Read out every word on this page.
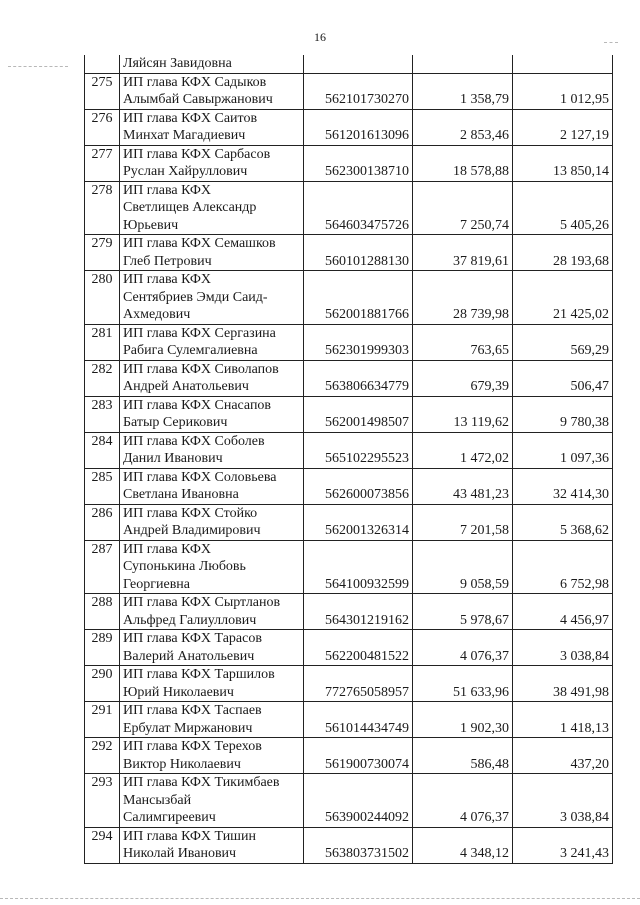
16
	Ляйсян Завидовна			
275	ИП глава КФХ Садыков
Алымбай Савыржанович	562101730270	1 358,79	1 012,95
276	ИП глава КФХ Саитов
Минхат Магадиевич	561201613096	2 853,46	2 127,19
277	ИП глава КФХ Сарбасов
Руслан Хайруллович	562300138710	18 578,88	13 850,14
278	ИП глава КФХ
Светлищев Александр
Юрьевич	564603475726	7 250,74	5 405,26
279	ИП глава КФХ Семашков
Глеб Петрович	560101288130	37 819,61	28 193,68
280	ИП глава КФХ
Сентябриев Эмди Саид-
Ахмедович	562001881766	28 739,98	21 425,02
281	ИП глава КФХ Сергазина
Рабига Сулемгалиевна	562301999303	763,65	569,29
282	ИП глава КФХ Сиволапов
Андрей Анатольевич	563806634779	679,39	506,47
283	ИП глава КФХ Снасапов
Батыр Серикович	562001498507	13 119,62	9 780,38
284	ИП глава КФХ Соболев
Данил Иванович	565102295523	1 472,02	1 097,36
285	ИП глава КФХ Соловьева
Светлана Ивановна	562600073856	43 481,23	32 414,30
286	ИП глава КФХ Стойко
Андрей Владимирович	562001326314	7 201,58	5 368,62
287	ИП глава КФХ
Супонькина Любовь
Георгиевна	564100932599	9 058,59	6 752,98
288	ИП глава КФХ Сыртланов
Альфред Галиуллович	564301219162	5 978,67	4 456,97
289	ИП глава КФХ Тарасов
Валерий Анатольевич	562200481522	4 076,37	3 038,84
290	ИП глава КФХ Таршилов
Юрий Николаевич	772765058957	51 633,96	38 491,98
291	ИП глава КФХ Таспаев
Ербулат Миржанович	561014434749	1 902,30	1 418,13
292	ИП глава КФХ Терехов
Виктор Николаевич	561900730074	586,48	437,20
293	ИП глава КФХ Тикимбаев
Мансызбай
Салимгиреевич	563900244092	4 076,37	3 038,84
294	ИП глава КФХ Тишин
Николай Иванович	563803731502	4 348,12	3 241,43
